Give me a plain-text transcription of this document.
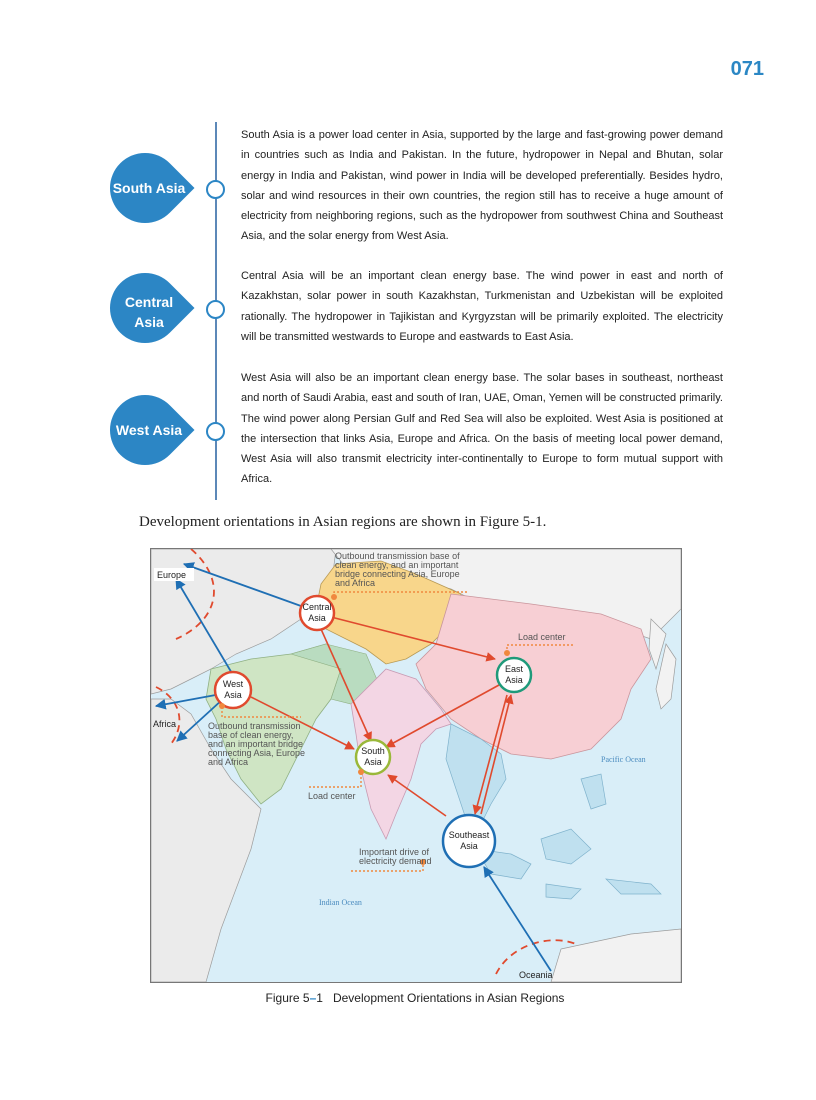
071
South Asia
South Asia is a power load center in Asia, supported by the large and fast-growing power demand in countries such as India and Pakistan. In the future, hydropower in Nepal and Bhutan, solar energy in India and Pakistan, wind power in India will be developed preferentially. Besides hydro, solar and wind resources in their own countries, the region still has to receive a huge amount of electricity from neighboring regions, such as the hydropower from southwest China and Southeast Asia, and the solar energy from West Asia.
Central
Asia
Central Asia will be an important clean energy base. The wind power in east and north of Kazakhstan, solar power in south Kazakhstan, Turkmenistan and Uzbekistan will be exploited rationally. The hydropower in Tajikistan and Kyrgyzstan will be primarily exploited. The electricity will be transmitted westwards to Europe and eastwards to East Asia.
West Asia
West Asia will also be an important clean energy base. The solar bases in southeast, northeast and north of Saudi Arabia, east and south of Iran, UAE, Oman, Yemen will be constructed primarily. The wind power along Persian Gulf and Red Sea will also be exploited. West Asia is positioned at the intersection that links Asia, Europe and Africa. On the basis of meeting local power demand, West Asia will also transmit electricity inter-continentally to Europe to form mutual support with Africa.
Development orientations in Asian regions are shown in Figure 5-1.
Central
Asia
West
Asia
East
Asia
South
Asia
Southeast
Asia
Outbound transmission base of
clean energy, and an important
bridge connecting Asia, Europe
and Africa
Outbound transmission
base of clean energy,
and an important bridge
connecting Asia, Europe
and Africa
Load center
Load center
Important drive of
electricity demand
Europe
Africa
Oceania
Pacific Ocean
Indian Ocean
Figure 5–1 Development Orientations in Asian Regions
